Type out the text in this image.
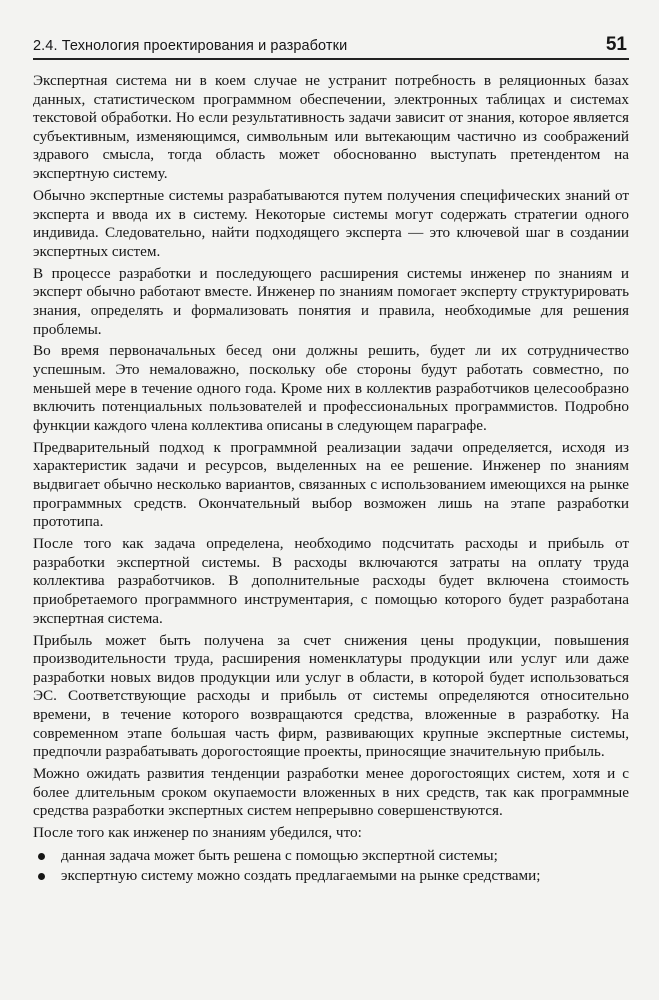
2.4. Технология проектирования и разработки	51

Экспертная система ни в коем случае не устранит потребность в реляционных базах данных, статистическом программном обеспечении, электронных таблицах и системах текстовой обработки. Но если результативность задачи зависит от знания, которое является субъективным, изменяющимся, символьным или вытекающим частично из соображений здравого смысла, тогда область может обоснованно выступать претендентом на экспертную систему.

Обычно экспертные системы разрабатываются путем получения специфических знаний от эксперта и ввода их в систему. Некоторые системы могут содержать стратегии одного индивида. Следовательно, найти подходящего эксперта — это ключевой шаг в создании экспертных систем.

В процессе разработки и последующего расширения системы инженер по знаниям и эксперт обычно работают вместе. Инженер по знаниям помогает эксперту структурировать знания, определять и формализовать понятия и правила, необходимые для решения проблемы.

Во время первоначальных бесед они должны решить, будет ли их сотрудничество успешным. Это немаловажно, поскольку обе стороны будут работать совместно, по меньшей мере в течение одного года. Кроме них в коллектив разработчиков целесообразно включить потенциальных пользователей и профессиональных программистов. Подробно функции каждого члена коллектива описаны в следующем параграфе.

Предварительный подход к программной реализации задачи определяется, исходя из характеристик задачи и ресурсов, выделенных на ее решение. Инженер по знаниям выдвигает обычно несколько вариантов, связанных с использованием имеющихся на рынке программных средств. Окончательный выбор возможен лишь на этапе разработки прототипа.

После того как задача определена, необходимо подсчитать расходы и прибыль от разработки экспертной системы. В расходы включаются затраты на оплату труда коллектива разработчиков. В дополнительные расходы будет включена стоимость приобретаемого программного инструментария, с помощью которого будет разработана экспертная система.

Прибыль может быть получена за счет снижения цены продукции, повышения производительности труда, расширения номенклатуры продукции или услуг или даже разработки новых видов продукции или услуг в области, в которой будет использоваться ЭС. Соответствующие расходы и прибыль от системы определяются относительно времени, в течение которого возвращаются средства, вложенные в разработку. На современном этапе большая часть фирм, развивающих крупные экспертные системы, предпочли разрабатывать дорогостоящие проекты, приносящие значительную прибыль.

Можно ожидать развития тенденции разработки менее дорогостоящих систем, хотя и с более длительным сроком окупаемости вложенных в них средств, так как программные средства разработки экспертных систем непрерывно совершенствуются.

После того как инженер по знаниям убедился, что:

данная задача может быть решена с помощью экспертной системы;
экспертную систему можно создать предлагаемыми на рынке средствами;
